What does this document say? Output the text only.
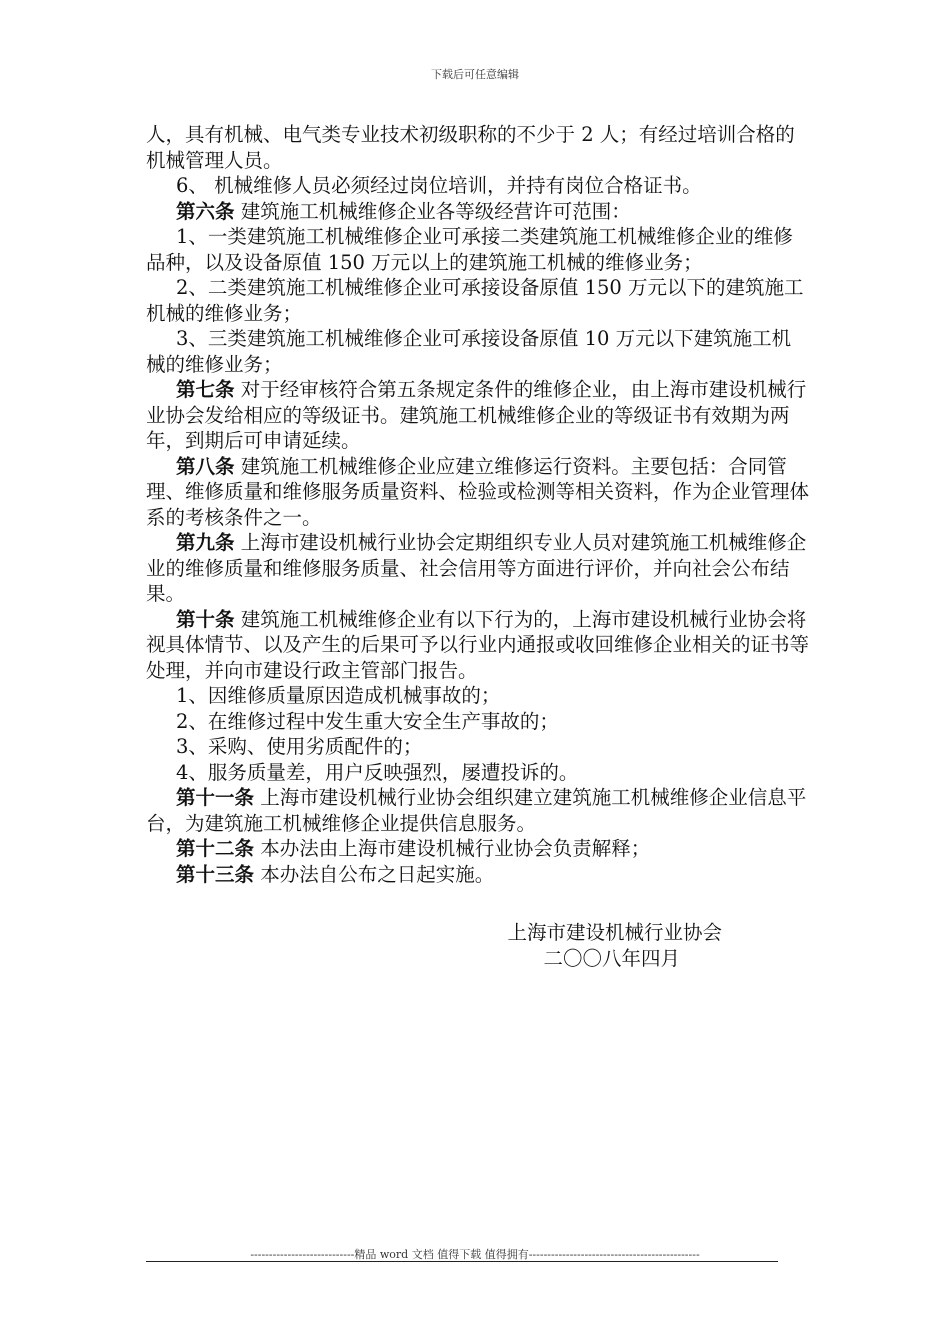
下载后可任意编辑

人，具有机械、电气类专业技术初级职称的不少于 2 人；有经过培训合格的机械管理人员。

6、 机械维修人员必须经过岗位培训，并持有岗位合格证书。

第六条 建筑施工机械维修企业各等级经营许可范围：

1、一类建筑施工机械维修企业可承接二类建筑施工机械维修企业的维修品种，以及设备原值 150 万元以上的建筑施工机械的维修业务；

2、二类建筑施工机械维修企业可承接设备原值 150 万元以下的建筑施工机械的维修业务；

3、三类建筑施工机械维修企业可承接设备原值 10 万元以下建筑施工机械的维修业务；

第七条 对于经审核符合第五条规定条件的维修企业，由上海市建设机械行业协会发给相应的等级证书。建筑施工机械维修企业的等级证书有效期为两年，到期后可申请延续。

第八条 建筑施工机械维修企业应建立维修运行资料。主要包括：合同管理、维修质量和维修服务质量资料、检验或检测等相关资料，作为企业管理体系的考核条件之一。

第九条 上海市建设机械行业协会定期组织专业人员对建筑施工机械维修企业的维修质量和维修服务质量、社会信用等方面进行评价，并向社会公布结果。

第十条 建筑施工机械维修企业有以下行为的，上海市建设机械行业协会将视具体情节、以及产生的后果可予以行业内通报或收回维修企业相关的证书等处理，并向市建设行政主管部门报告。

1、因维修质量原因造成机械事故的；

2、在维修过程中发生重大安全生产事故的；

3、采购、使用劣质配件的；

4、服务质量差，用户反映强烈，屡遭投诉的。

第十一条 上海市建设机械行业协会组织建立建筑施工机械维修企业信息平台，为建筑施工机械维修企业提供信息服务。

第十二条 本办法由上海市建设机械行业协会负责解释；

第十三条 本办法自公布之日起实施。

上海市建设机械行业协会
二〇〇八年四月
----------------------------精品 word 文档 值得下载 值得拥有----------------------------------------------
